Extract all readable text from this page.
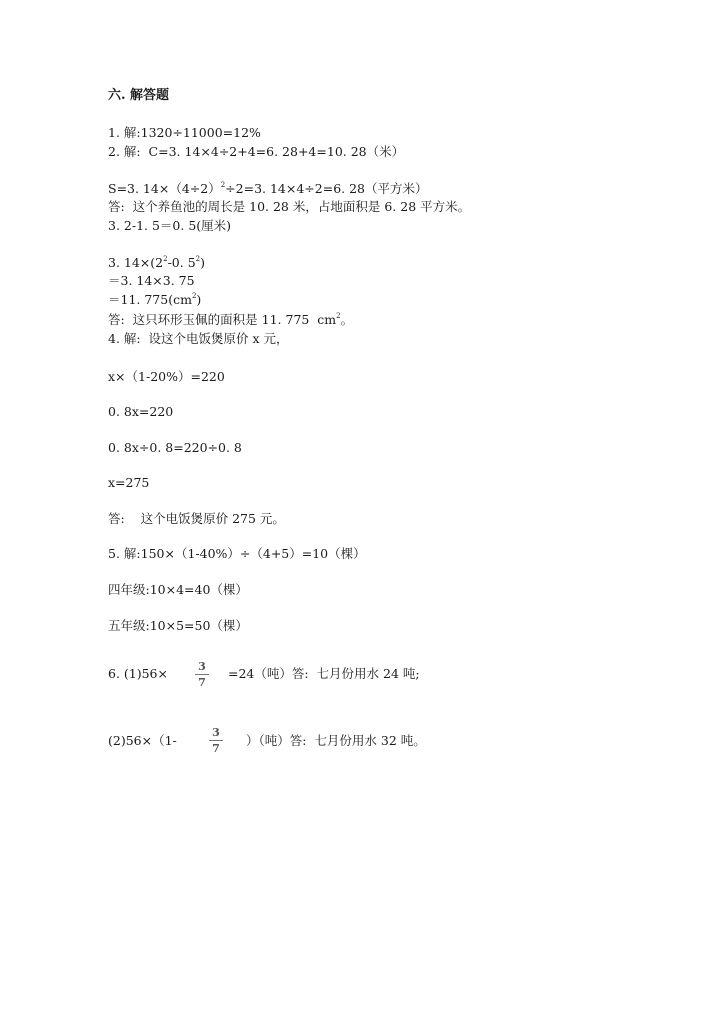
六. 解答题
1. 解:1320÷11000=12%
2. 解:  C=3. 14×4÷2+4=6. 28+4=10. 28（米）
S=3. $14\times(4\div 2)^2\div 2=3$. 14×4÷2=6. 28（平方米）
答:  这个养鱼池的周长是 10. 28 米，占地面积是 6. 28 平方米。
3. 2-1. 5＝0. 5(厘米)
3. $14\times(2^2-0$. $5^2$)
＝3. 14×3. 75
＝11. $775(cm^2)$
答:  这只环形玉佩的面积是 11. 775  $cm^2$。
4. 解:  设这个电饭煲原价 x 元，
x×（1-20%）=220
0. 8x=220
0. 8x÷0. 8=220÷0. 8
x=275
答:    这个电饭煲原价 275 元。
5. 解:150×（1-40%）÷（4+5）=10（棵）
四年级:10×4=40（棵）
五年级:10×5=50（棵）
6. (1)56×	3
7
=24（吨）答:  七月份用水 24 吨;
(2)56×（1-
3
7
）（吨）答:  七月份用水 32 吨。
